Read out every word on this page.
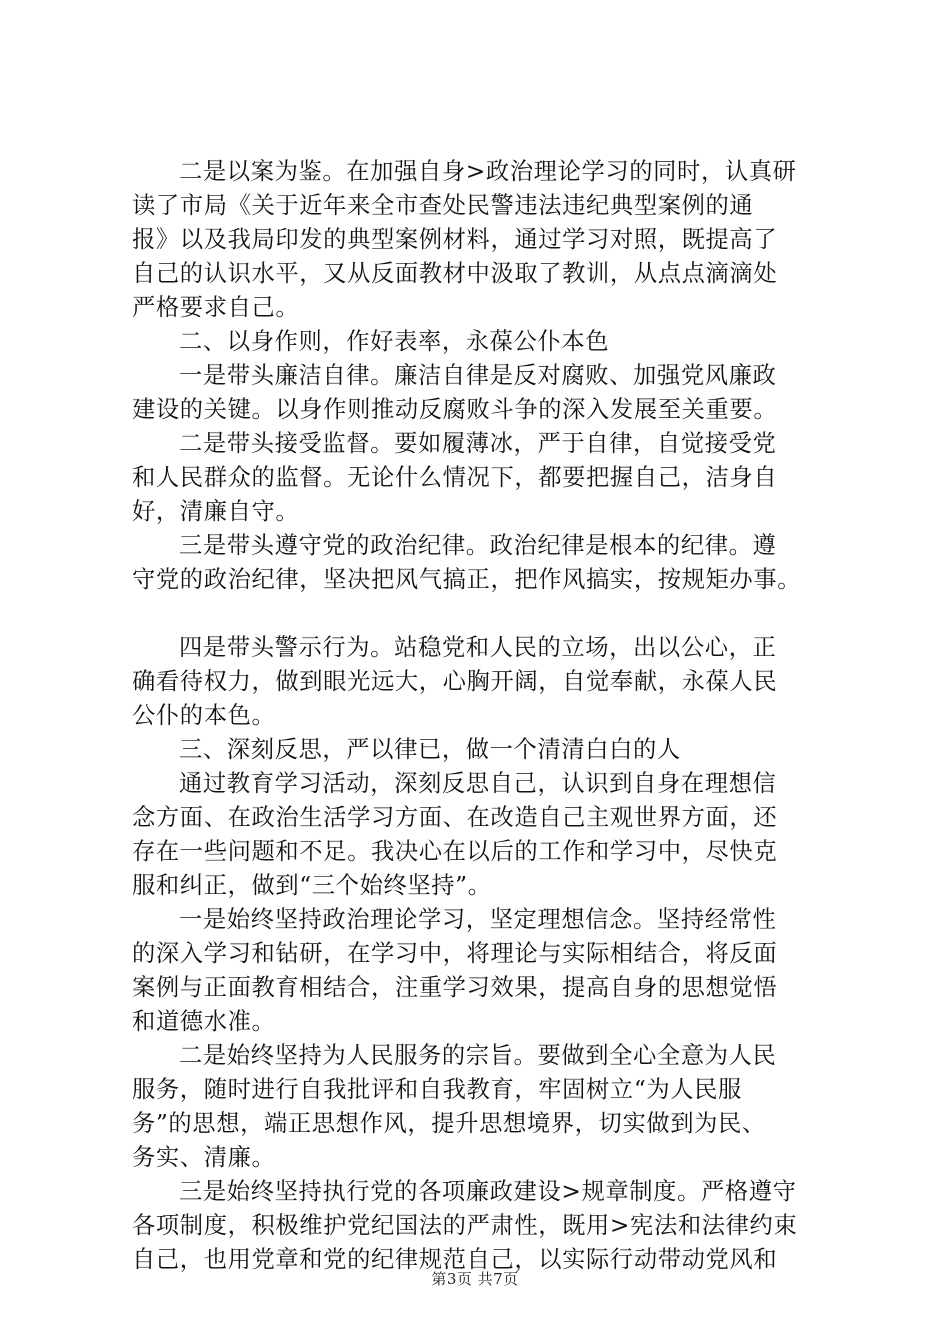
二是以案为鉴。在加强自身>政治理论学习的同时，认真研
读了市局《关于近年来全市查处民警违法违纪典型案例的通
报》以及我局印发的典型案例材料，通过学习对照，既提高了
自己的认识水平，又从反面教材中汲取了教训，从点点滴滴处
严格要求自己。
二、以身作则，作好表率，永葆公仆本色
一是带头廉洁自律。廉洁自律是反对腐败、加强党风廉政
建设的关键。以身作则推动反腐败斗争的深入发展至关重要。
二是带头接受监督。要如履薄冰，严于自律，自觉接受党
和人民群众的监督。无论什么情况下，都要把握自己，洁身自
好，清廉自守。
三是带头遵守党的政治纪律。政治纪律是根本的纪律。遵
守党的政治纪律，坚决把风气搞正，把作风搞实，按规矩办事。
四是带头警示行为。站稳党和人民的立场，出以公心，正
确看待权力，做到眼光远大，心胸开阔，自觉奉献，永葆人民
公仆的本色。
三、深刻反思，严以律已，做一个清清白白的人
通过教育学习活动，深刻反思自己，认识到自身在理想信
念方面、在政治生活学习方面、在改造自己主观世界方面，还
存在一些问题和不足。我决心在以后的工作和学习中，尽快克
服和纠正，做到“三个始终坚持”。
一是始终坚持政治理论学习，坚定理想信念。坚持经常性
的深入学习和钻研，在学习中，将理论与实际相结合，将反面
案例与正面教育相结合，注重学习效果，提高自身的思想觉悟
和道德水准。
二是始终坚持为人民服务的宗旨。要做到全心全意为人民
服务，随时进行自我批评和自我教育，牢固树立“为人民服
务”的思想，端正思想作风，提升思想境界，切实做到为民、
务实、清廉。
三是始终坚持执行党的各项廉政建设>规章制度。严格遵守
各项制度，积极维护党纪国法的严肃性，既用>宪法和法律约束
自己，也用党章和党的纪律规范自己，以实际行动带动党风和
第3页 共7页
